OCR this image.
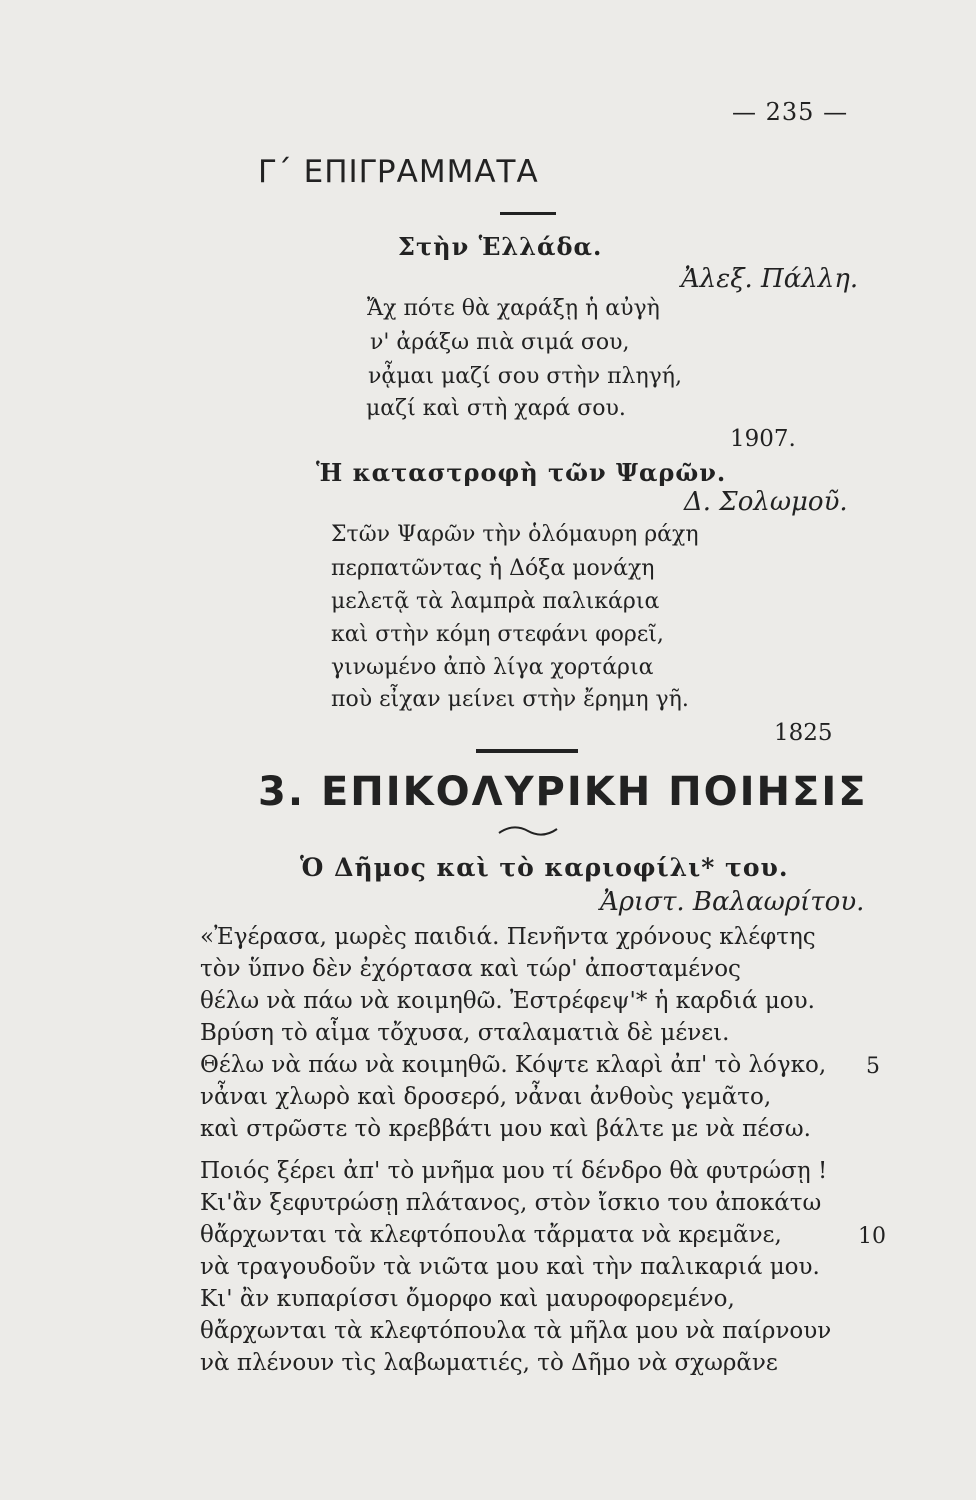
— 235 —
Γ΄ ΕΠΙΓΡΑΜΜΑΤΑ
Στὴν Ἑλλάδα.
Ἀλεξ. Πάλλη.
Ἄχ πότε θὰ χαράξῃ ἡ αὐγὴ
ν' ἀράξω πιὰ σιμά σου,
νᾆμαι μαζί σου στὴν πληγή,
μαζί καὶ στὴ χαρά σου.
1907.
Ἡ καταστροφὴ τῶν Ψαρῶν.
Δ. Σολωμοῦ.
Στῶν Ψαρῶν τὴν ὁλόμαυρη ράχη
περπατῶντας ἡ Δόξα μονάχη
μελετᾷ τὰ λαμπρὰ παλικάρια
καὶ στὴν κόμη στεφάνι φορεῖ,
γινωμένο ἀπὸ λίγα χορτάρια
ποὺ εἶχαν μείνει στὴν ἔρημη γῆ.
1825
3. ΕΠΙΚΟΛΥΡΙΚΗ ΠΟΙΗΣΙΣ
Ὁ Δῆμος καὶ τὸ καριοφίλι* του.
Ἀριστ. Βαλαωρίτου.
«Ἐγέρασα, μωρὲς παιδιά. Πενῆντα χρόνους κλέφτης
τὸν ὕπνο δὲν ἐχόρτασα καὶ τώρ' ἀποσταμένος
θέλω νὰ πάω νὰ κοιμηθῶ. Ἐστρέφεψ'* ἡ καρδιά μου.
Βρύση τὸ αἷμα τὄχυσα, σταλαματιὰ δὲ μένει.
Θέλω νὰ πάω νὰ κοιμηθῶ. Κόψτε κλαρὶ ἀπ' τὸ λόγκο, 5
νἆναι χλωρὸ καὶ δροσερό, νἆναι ἀνθοὺς γεμᾶτο,
καὶ στρῶστε τὸ κρεββάτι μου καὶ βάλτε με νὰ πέσω.
Ποιός ξέρει ἀπ' τὸ μνῆμα μου τί δένδρο θὰ φυτρώσῃ !
Κι'ἂν ξεφυτρώσῃ πλάτανος, στὸν ἴσκιο του ἀποκάτω
θἄρχωνται τὰ κλεφτόπουλα τἄρματα νὰ κρεμᾶνε,	10
νὰ τραγουδοῦν τὰ νιῶτα μου καὶ τὴν παλικαριά μου.
Κι' ἂν κυπαρίσσι ὄμορφο καὶ μαυροφορεμένο,
θἄρχωνται τὰ κλεφτόπουλα τὰ μῆλα μου νὰ παίρνουν
νὰ πλένουν τὶς λαβωματιές, τὸ Δῆμο νὰ σχωρᾶνε
